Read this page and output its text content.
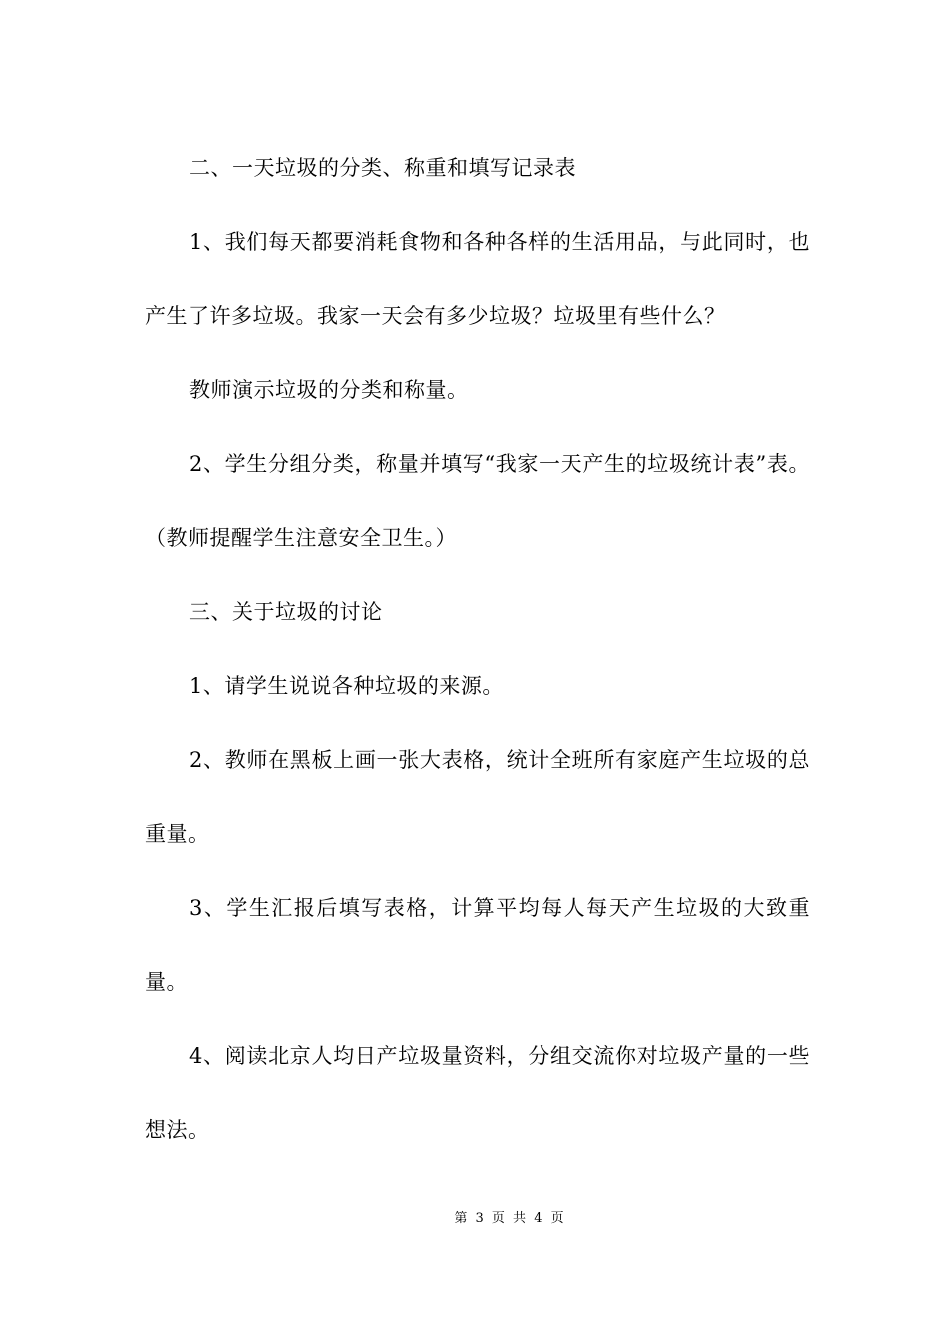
二、一天垃圾的分类、称重和填写记录表

1、我们每天都要消耗食物和各种各样的生活用品，与此同时，也产生了许多垃圾。我家一天会有多少垃圾？垃圾里有些什么？

教师演示垃圾的分类和称量。

2、学生分组分类，称量并填写“我家一天产生的垃圾统计表”表。（教师提醒学生注意安全卫生。）

三、关于垃圾的讨论

1、请学生说说各种垃圾的来源。

2、教师在黑板上画一张大表格，统计全班所有家庭产生垃圾的总重量。

3、学生汇报后填写表格，计算平均每人每天产生垃圾的大致重量。

4、阅读北京人均日产垃圾量资料，分组交流你对垃圾产量的一些想法。

第 3 页 共 4 页
